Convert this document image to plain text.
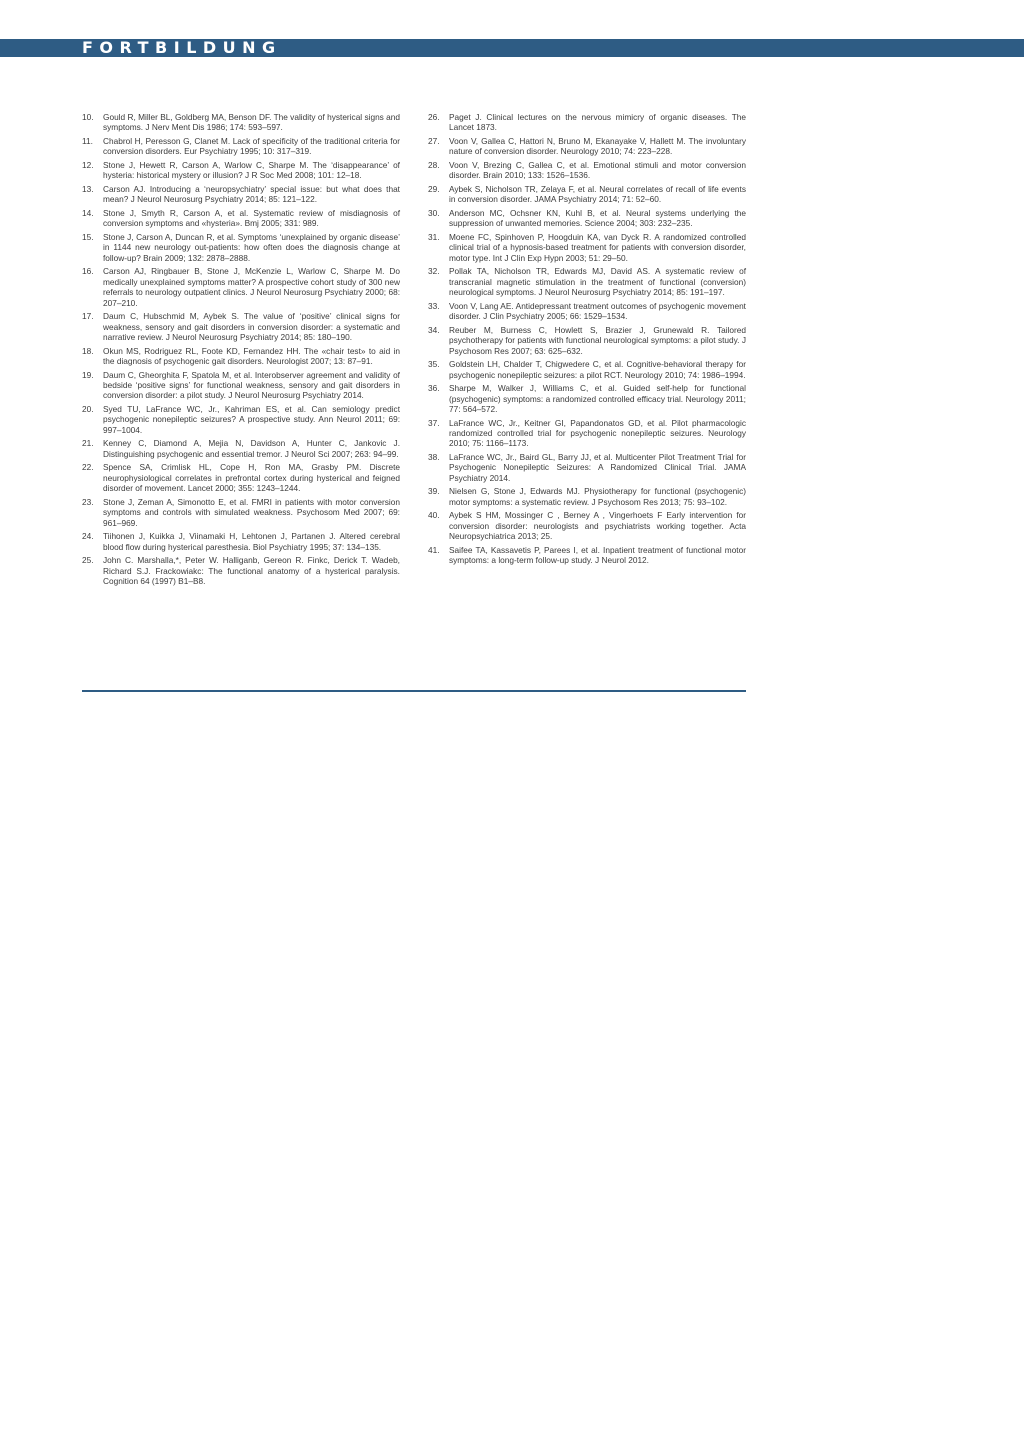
FORTBILDUNG
10.	Gould R, Miller BL, Goldberg MA, Benson DF. The validity of hysterical signs and symptoms. J Nerv Ment Dis 1986; 174: 593–597.
11.	Chabrol H, Peresson G, Clanet M. Lack of specificity of the traditional criteria for conversion disorders. Eur Psychiatry 1995; 10: 317–319.
12.	Stone J, Hewett R, Carson A, Warlow C, Sharpe M. The ‘disappearance’ of hysteria: historical mystery or illusion? J R Soc Med 2008; 101: 12–18.
13.	Carson AJ. Introducing a ‘neuropsychiatry’ special issue: but what does that mean? J Neurol Neurosurg Psychiatry 2014; 85: 121–122.
14.	Stone J, Smyth R, Carson A, et al. Systematic review of misdiagnosis of conversion symptoms and «hysteria». Bmj 2005; 331: 989.
15.	Stone J, Carson A, Duncan R, et al. Symptoms ‘unexplained by organic disease’ in 1144 new neurology out-patients: how often does the diagnosis change at follow-up? Brain 2009; 132: 2878–2888.
16.	Carson AJ, Ringbauer B, Stone J, McKenzie L, Warlow C, Sharpe M. Do medically unexplained symptoms matter? A prospective cohort study of 300 new referrals to neurology outpatient clinics. J Neurol Neurosurg Psychiatry 2000; 68: 207–210.
17.	Daum C, Hubschmid M, Aybek S. The value of ‘positive’ clinical signs for weakness, sensory and gait disorders in conversion disorder: a systematic and narrative review. J Neurol Neurosurg Psychiatry 2014; 85: 180–190.
18.	Okun MS, Rodriguez RL, Foote KD, Fernandez HH. The «chair test» to aid in the diagnosis of psychogenic gait disorders. Neurologist 2007; 13: 87–91.
19.	Daum C, Gheorghita F, Spatola M, et al. Interobserver agreement and validity of bedside ‘positive signs’ for functional weakness, sensory and gait disorders in conversion disorder: a pilot study. J Neurol Neurosurg Psychiatry 2014.
20.	Syed TU, LaFrance WC, Jr., Kahriman ES, et al. Can semiology predict psychogenic nonepileptic seizures? A prospective study. Ann Neurol 2011; 69: 997–1004.
21.	Kenney C, Diamond A, Mejia N, Davidson A, Hunter C, Jankovic J. Distinguishing psychogenic and essential tremor. J Neurol Sci 2007; 263: 94–99.
22.	Spence SA, Crimlisk HL, Cope H, Ron MA, Grasby PM. Discrete neurophysiological correlates in prefrontal cortex during hysterical and feigned disorder of movement. Lancet 2000; 355: 1243–1244.
23.	Stone J, Zeman A, Simonotto E, et al. FMRI in patients with motor conversion symptoms and controls with simulated weakness. Psychosom Med 2007; 69: 961–969.
24.	Tiihonen J, Kuikka J, Viinamaki H, Lehtonen J, Partanen J. Altered cerebral blood flow during hysterical paresthesia. Biol Psychiatry 1995; 37: 134–135.
25.	John C. Marshalla,*, Peter W. Halliganb, Gereon R. Finkc, Derick T. Wadeb, Richard S.J. Frackowiakc: The functional anatomy of a hysterical paralysis. Cognition 64 (1997) B1–B8.
26.	Paget J. Clinical lectures on the nervous mimicry of organic diseases. The Lancet 1873.
27.	Voon V, Gallea C, Hattori N, Bruno M, Ekanayake V, Hallett M. The involuntary nature of conversion disorder. Neurology 2010; 74: 223–228.
28.	Voon V, Brezing C, Gallea C, et al. Emotional stimuli and motor conversion disorder. Brain 2010; 133: 1526–1536.
29.	Aybek S, Nicholson TR, Zelaya F, et al. Neural correlates of recall of life events in conversion disorder. JAMA Psychiatry 2014; 71: 52–60.
30.	Anderson MC, Ochsner KN, Kuhl B, et al. Neural systems underlying the suppression of unwanted memories. Science 2004; 303: 232–235.
31.	Moene FC, Spinhoven P, Hoogduin KA, van Dyck R. A randomized controlled clinical trial of a hypnosis-based treatment for patients with conversion disorder, motor type. Int J Clin Exp Hypn 2003; 51: 29–50.
32.	Pollak TA, Nicholson TR, Edwards MJ, David AS. A systematic review of transcranial magnetic stimulation in the treatment of functional (conversion) neurological symptoms. J Neurol Neurosurg Psychiatry 2014; 85: 191–197.
33.	Voon V, Lang AE. Antidepressant treatment outcomes of psychogenic movement disorder. J Clin Psychiatry 2005; 66: 1529–1534.
34.	Reuber M, Burness C, Howlett S, Brazier J, Grunewald R. Tailored psychotherapy for patients with functional neurological symptoms: a pilot study. J Psychosom Res 2007; 63: 625–632.
35.	Goldstein LH, Chalder T, Chigwedere C, et al. Cognitive-behavioral therapy for psychogenic nonepileptic seizures: a pilot RCT. Neurology 2010; 74: 1986–1994.
36.	Sharpe M, Walker J, Williams C, et al. Guided self-help for functional (psychogenic) symptoms: a randomized controlled efficacy trial. Neurology 2011; 77: 564–572.
37.	LaFrance WC, Jr., Keitner GI, Papandonatos GD, et al. Pilot pharmacologic randomized controlled trial for psychogenic nonepileptic seizures. Neurology 2010; 75: 1166–1173.
38.	LaFrance WC, Jr., Baird GL, Barry JJ, et al. Multicenter Pilot Treatment Trial for Psychogenic Nonepileptic Seizures: A Randomized Clinical Trial. JAMA Psychiatry 2014.
39.	Nielsen G, Stone J, Edwards MJ. Physiotherapy for functional (psychogenic) motor symptoms: a systematic review. J Psychosom Res 2013; 75: 93–102.
40.	Aybek S HM, Mossinger C , Berney A , Vingerhoets F Early intervention for conversion disorder: neurologists and psychiatrists working together. Acta Neuropsychiatrica 2013; 25.
41.	Saifee TA, Kassavetis P, Parees I, et al. Inpatient treatment of functional motor symptoms: a long-term follow-up study. J Neurol 2012.
